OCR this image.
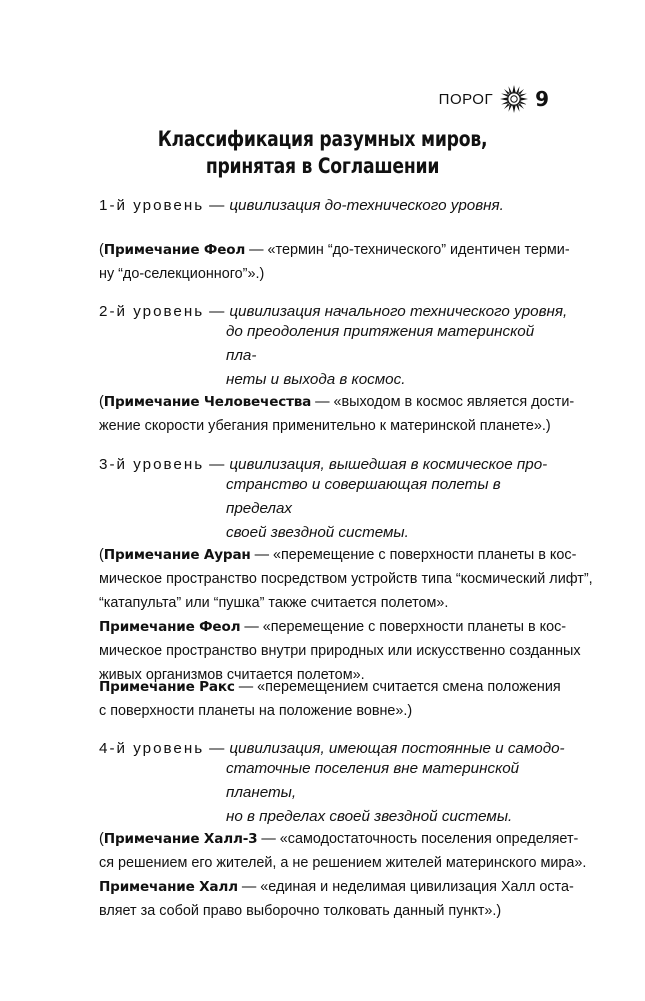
ПОРОГ 9
Классификация разумных миров,
принятая в Соглашении
1-й уровень — цивилизация до-технического уровня.
(Примечание Феол — «термин “до-технического” идентичен терми-
ну “до-селекционного”».)
2-й уровень — цивилизация начального технического уровня,
до преодоления притяжения материнской пла-
неты и выхода в космос.
(Примечание Человечества — «выходом в космос является дости-
жение скорости убегания применительно к материнской планете».)
3-й уровень — цивилизация, вышедшая в космическое про-
странство и совершающая полеты в пределах
своей звездной системы.
(Примечание Ауран — «перемещение с поверхности планеты в кос-
мическое пространство посредством устройств типа “космический лифт”,
“катапульта” или “пушка” также считается полетом».
Примечание Феол — «перемещение с поверхности планеты в кос-
мическое пространство внутри природных или искусственно созданных
живых организмов считается полетом».
Примечание Ракс — «перемещением считается смена положения
с поверхности планеты на положение вовне».)
4-й уровень — цивилизация, имеющая постоянные и самодо-
статочные поселения вне материнской планеты,
но в пределах своей звездной системы.
(Примечание Халл-3 — «самодостаточность поселения определяет-
ся решением его жителей, а не решением жителей материнского мира».
Примечание Халл — «единая и неделимая цивилизация Халл оста-
вляет за собой право выборочно толковать данный пункт».)
